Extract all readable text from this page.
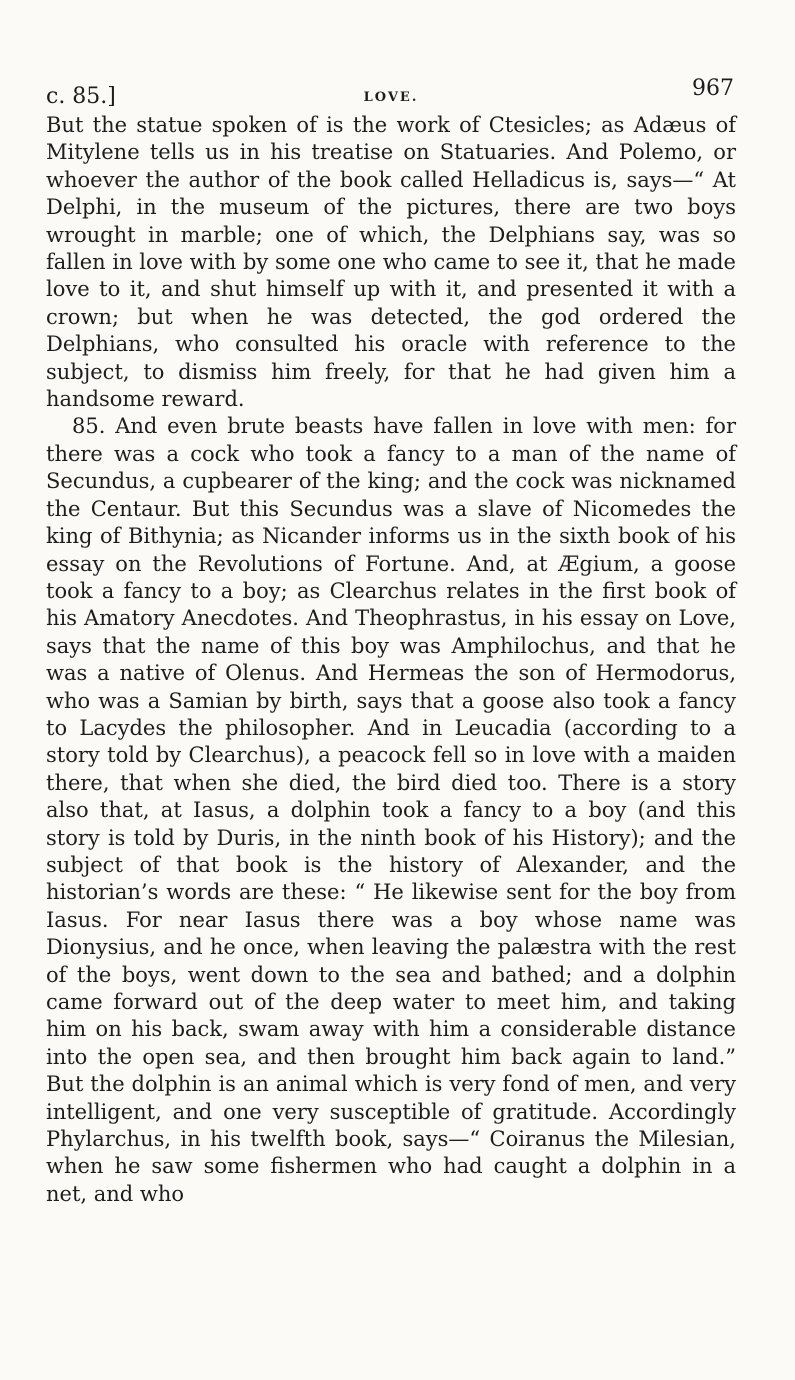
c. 85.]	LOVE.	967

But the statue spoken of is the work of Ctesicles; as Adæus of Mitylene tells us in his treatise on Statuaries. And Polemo, or whoever the author of the book called Helladicus is, says—“ At Delphi, in the museum of the pictures, there are two boys wrought in marble; one of which, the Delphians say, was so fallen in love with by some one who came to see it, that he made love to it, and shut himself up with it, and presented it with a crown; but when he was detected, the god ordered the Delphians, who consulted his oracle with reference to the subject, to dismiss him freely, for that he had given him a handsome reward.

85. And even brute beasts have fallen in love with men: for there was a cock who took a fancy to a man of the name of Secundus, a cupbearer of the king; and the cock was nicknamed the Centaur. But this Secundus was a slave of Nicomedes the king of Bithynia; as Nicander informs us in the sixth book of his essay on the Revolutions of Fortune. And, at Ægium, a goose took a fancy to a boy; as Clearchus relates in the first book of his Amatory Anecdotes. And Theophrastus, in his essay on Love, says that the name of this boy was Amphilochus, and that he was a native of Olenus. And Hermeas the son of Hermodorus, who was a Samian by birth, says that a goose also took a fancy to Lacydes the philosopher. And in Leucadia (according to a story told by Clearchus), a peacock fell so in love with a maiden there, that when she died, the bird died too. There is a story also that, at Iasus, a dolphin took a fancy to a boy (and this story is told by Duris, in the ninth book of his History); and the subject of that book is the history of Alexander, and the historian’s words are these: “ He likewise sent for the boy from Iasus. For near Iasus there was a boy whose name was Dionysius, and he once, when leaving the palæstra with the rest of the boys, went down to the sea and bathed; and a dolphin came forward out of the deep water to meet him, and taking him on his back, swam away with him a considerable distance into the open sea, and then brought him back again to land.” But the dolphin is an animal which is very fond of men, and very intelligent, and one very susceptible of gratitude. Accordingly Phylarchus, in his twelfth book, says—“ Coiranus the Milesian, when he saw some fishermen who had caught a dolphin in a net, and who
